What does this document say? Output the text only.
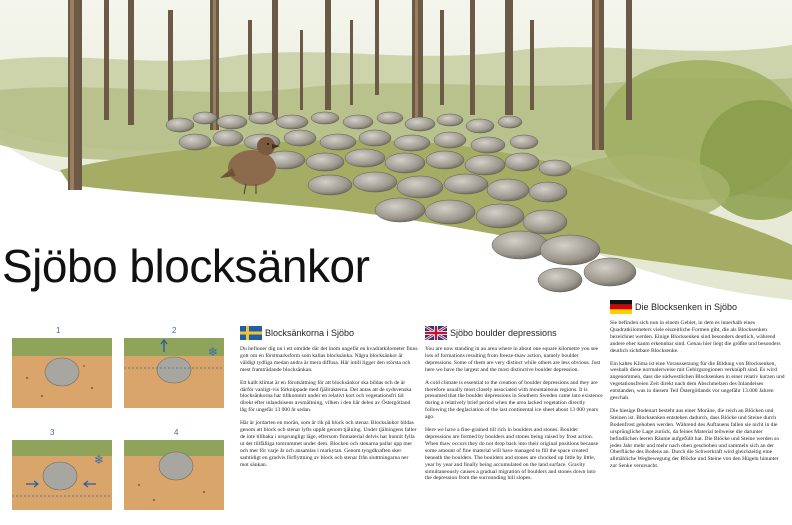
Sjöbo blocksänkor
1	2
❄
3
❄
4
Blocksänkorna i Sjöbo

Du befinner dig nu i ett område där det inom ungefär en kvadratkilometer finns gott om en förstmarksform som kallas blocksänka. Några blocksänkor är väldigt tydliga medan andra är mera diffusa. Här intill ligger den största och mest framträdande blocksänkan.

Ett kallt klimat är en förutsättning för att blocksänkor ska bildas och de är därför vanligt-vis förknippade med fjällrakterna. Det antas att de sydsvenska blocksänkorna har tillkommit under en relativt kort och vegetationsfri tid direkt efter inlandsisens avsmältning, vilken i den här delen av Östergötland låg för ungefär 13 000 år sedan.

Här är jordarten en morän, som är rik på block och stenar. Blocksänkor bildas genom att block och stenar lyfts uppåt genom tjälning. Under tjälningens faller de inte tillbaka i ursprungligt läge, eftersom finmaterial delvis har hunnit fylla ut det tillfälliga tomrummet under dem. Blocken och stenarna pallar upp mer och mer för varje år och ansamlas i markytan. Genom tyngdkraften sker samtidigt en gradvis förflyttning av block och stenar från slutttningarna ner mot sänkan.

Sjöbo boulder depressions

You are now standing in an area where in about one square kilometre you see lots of formations resulting from freeze-thaw action, namely boulder depressions. Some of them are very distinct while others are less obvious. Just here we have the largest and the most distinctive boulder depression.

A cold climate is essential to the creation of boulder depressions and they are therefore usually most closely associated with mountainous regions. It is presumed that the boulder depressions in Southern Sweden came into existence during a relatively brief period when the area lacked vegetation directly following the deglaciation of the last continental ice sheet about 13 000 years ago.

Here we have a fine-grained till rich in boulders and stones. Boulder depressions are formed by boulders and stones being raised by frost action. When thaw occurs they do not drop back into their original positions because some amount of fine material will have managed to fill the space created beneath the boulders. The boulders and stones are chocked up little by little, year by year and finally being accumulated on the land surface. Gravity simultaneously causes a gradual migration of boulders and stones down into the depression from the surrounding hill slopes.

Die Blocksenken in Sjöbo

Sie befinden sich nun in einem Gebiet, in dem es innerhalb eines Quadratkilometers viele eiszeitliche Formen gibt, die als Blocksenken bezeichnet werden. Einige Blocksenken sind besonders deutlich, während andere eher kaum erkennbar sind. Genau hier liegt die größte und besonders deutlich sichtbare Blocksenke.

Ein kaltes Klima ist eine Voraussetzung für die Bildung von Blocksenken, weshalb diese normalerweise mit Gebirgsregionen verknüpft sind. Es wird angenommen, dass die südwestlichen Blocksenken in einer relativ kurzen und vegetationsfreien Zeit direkt nach dem Abschmelzen des Inlandeises entstanden, was in diesem Teil Östergötlands vor ungefähr 13.000 Jahren geschah.

Die hiesige Bodenart besteht aus einer Moräne, die reich an Blöcken und Steinen ist. Blocksenken entstehen dadurch, dass Blöcke und Steine durch Bodenfrost gehoben werden. Während des Auftauens fallen sie nicht in die ursprüngliche Lage zurück, da feines Material teilweise die darunter befindlichen leeren Räume aufgefüllt hat. Die Blöcke und Steine werden so jedes Jahr mehr und mehr nach oben geschoben und sammeln sich an der Oberfläche des Bodens an. Durch die Schwerkraft wird gleichzeitig eine allmähliche Wegbewegung der Blöcke und Steine von den Hügeln hinunter zur Senke verursacht.
